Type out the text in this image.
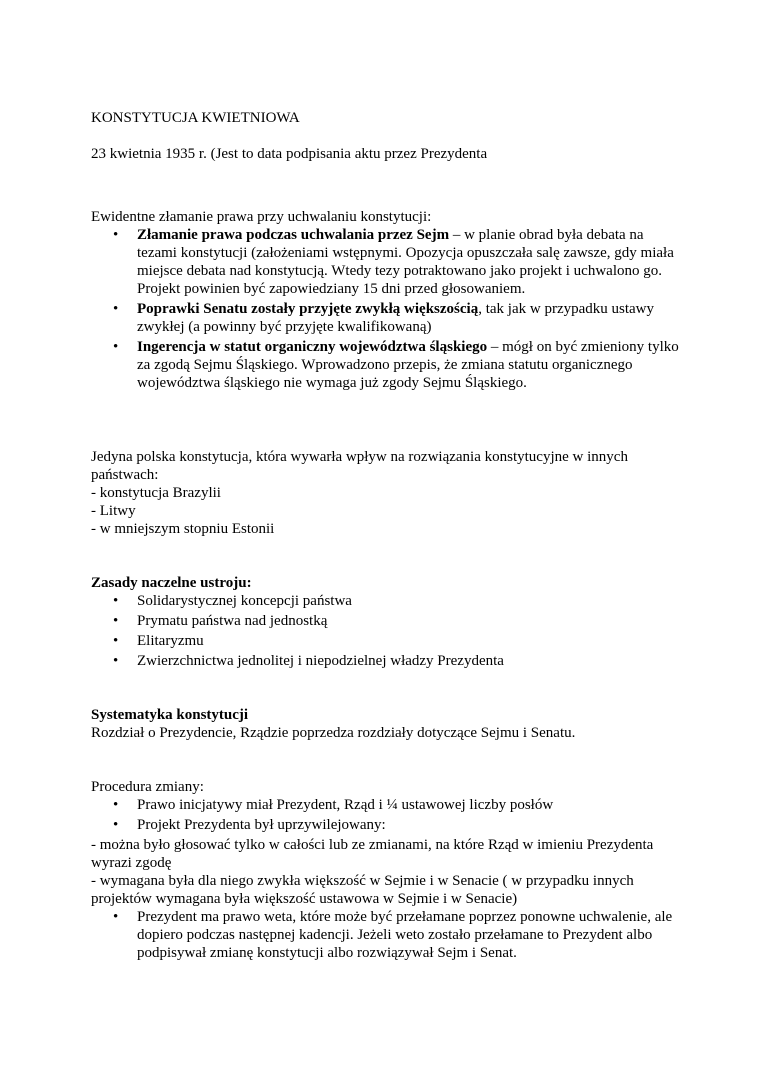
KONSTYTUCJA KWIETNIOWA

23 kwietnia 1935 r. (Jest to data podpisania aktu przez Prezydenta

Ewidentne złamanie prawa przy uchwalaniu konstytucji:

• Złamanie prawa podczas uchwalania przez Sejm – w planie obrad była debata na tezami konstytucji (założeniami wstępnymi. Opozycja opuszczała salę zawsze, gdy miała miejsce debata nad konstytucją. Wtedy tezy potraktowano jako projekt i uchwalono go. Projekt powinien być zapowiedziany 15 dni przed głosowaniem.
• Poprawki Senatu zostały przyjęte zwykłą większością, tak jak w przypadku ustawy zwykłej (a powinny być przyjęte kwalifikowaną)
• Ingerencja w statut organiczny województwa śląskiego – mógł on być zmieniony tylko za zgodą Sejmu Śląskiego. Wprowadzono przepis, że zmiana statutu organicznego województwa śląskiego nie wymaga już zgody Sejmu Śląskiego.

Jedyna polska konstytucja, która wywarła wpływ na rozwiązania konstytucyjne w innych państwach:

- konstytucja Brazylii

- Litwy

- w mniejszym stopniu Estonii

Zasady naczelne ustroju:

• Solidarystycznej koncepcji państwa
• Prymatu państwa nad jednostką
• Elitaryzmu
• Zwierzchnictwa jednolitej i niepodzielnej władzy Prezydenta

Systematyka konstytucji

Rozdział o Prezydencie, Rządzie poprzedza rozdziały dotyczące Sejmu i Senatu.

Procedura zmiany:

• Prawo inicjatywy miał Prezydent, Rząd i ¼ ustawowej liczby posłów
• Projekt Prezydenta był uprzywilejowany:

- można było głosować tylko w całości lub ze zmianami, na które Rząd w imieniu Prezydenta wyrazi zgodę

- wymagana była dla niego zwykła większość w Sejmie i w Senacie ( w przypadku innych projektów wymagana była większość ustawowa w Sejmie i w Senacie)

• Prezydent ma prawo weta, które może być przełamane poprzez ponowne uchwalenie, ale dopiero podczas następnej kadencji. Jeżeli weto zostało przełamane to Prezydent albo podpisywał zmianę konstytucji albo rozwiązywał Sejm i Senat.
